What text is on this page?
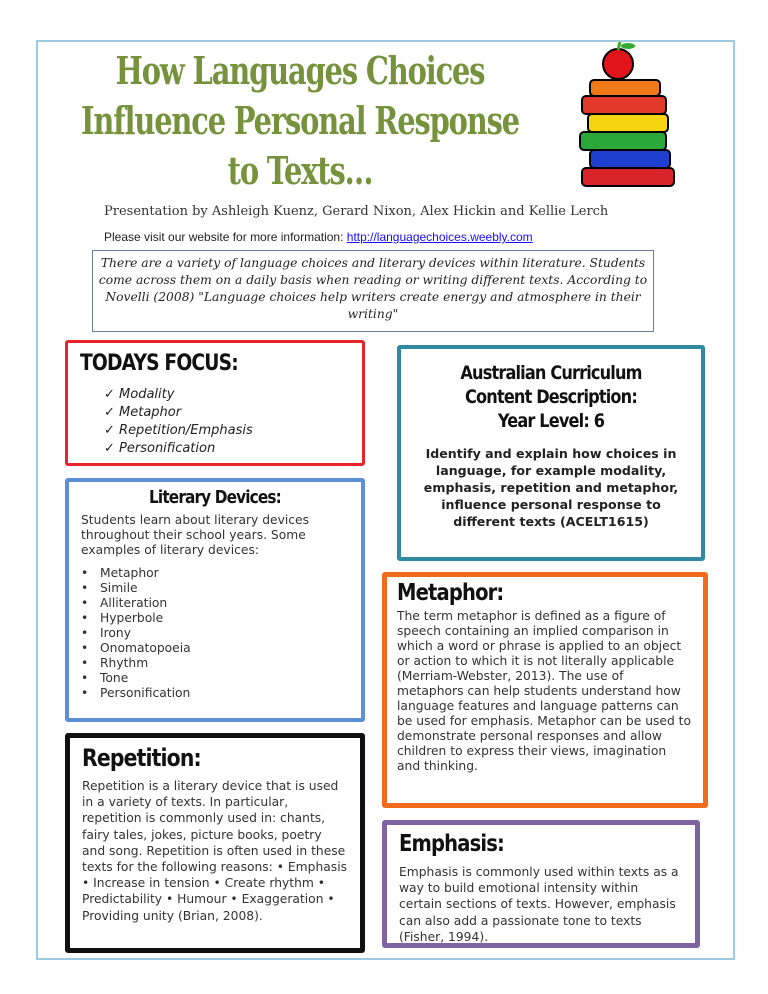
How Languages Choices
Influence Personal Response
to Texts…
Presentation by Ashleigh Kuenz, Gerard Nixon, Alex Hickin and Kellie Lerch
Please visit our website for more information: http://languagechoices.weebly.com
There are a variety of language choices and literary devices within literature. Students come across them on a daily basis when reading or writing different texts. According to Novelli (2008) "Language choices help writers create energy and atmosphere in their writing"
TODAYS FOCUS:
✓ Modality
✓ Metaphor
✓ Repetition/Emphasis
✓ Personification
Literary Devices:
Students learn about literary devices throughout their school years. Some examples of literary devices:
•   Metaphor
•   Simile
•   Alliteration
•   Hyperbole
•   Irony
•   Onomatopoeia
•   Rhythm
•   Tone
•   Personification
Repetition:
Repetition is a literary device that is used in a variety of texts. In particular, repetition is commonly used in: chants, fairy tales, jokes, picture books, poetry and song. Repetition is often used in these texts for the following reasons: • Emphasis • Increase in tension • Create rhythm • Predictability • Humour • Exaggeration • Providing unity (Brian, 2008).
Australian Curriculum
Content Description:
Year Level: 6
Identify and explain how choices in language, for example modality, emphasis, repetition and metaphor, influence personal response to different texts (ACELT1615)
Metaphor:
The term metaphor is defined as a figure of speech containing an implied comparison in which a word or phrase is applied to an object or action to which it is not literally applicable (Merriam-Webster, 2013). The use of metaphors can help students understand how language features and language patterns can be used for emphasis. Metaphor can be used to demonstrate personal responses and allow children to express their views, imagination and thinking.
Emphasis:
Emphasis is commonly used within texts as a way to build emotional intensity within certain sections of texts. However, emphasis can also add a passionate tone to texts (Fisher, 1994).
